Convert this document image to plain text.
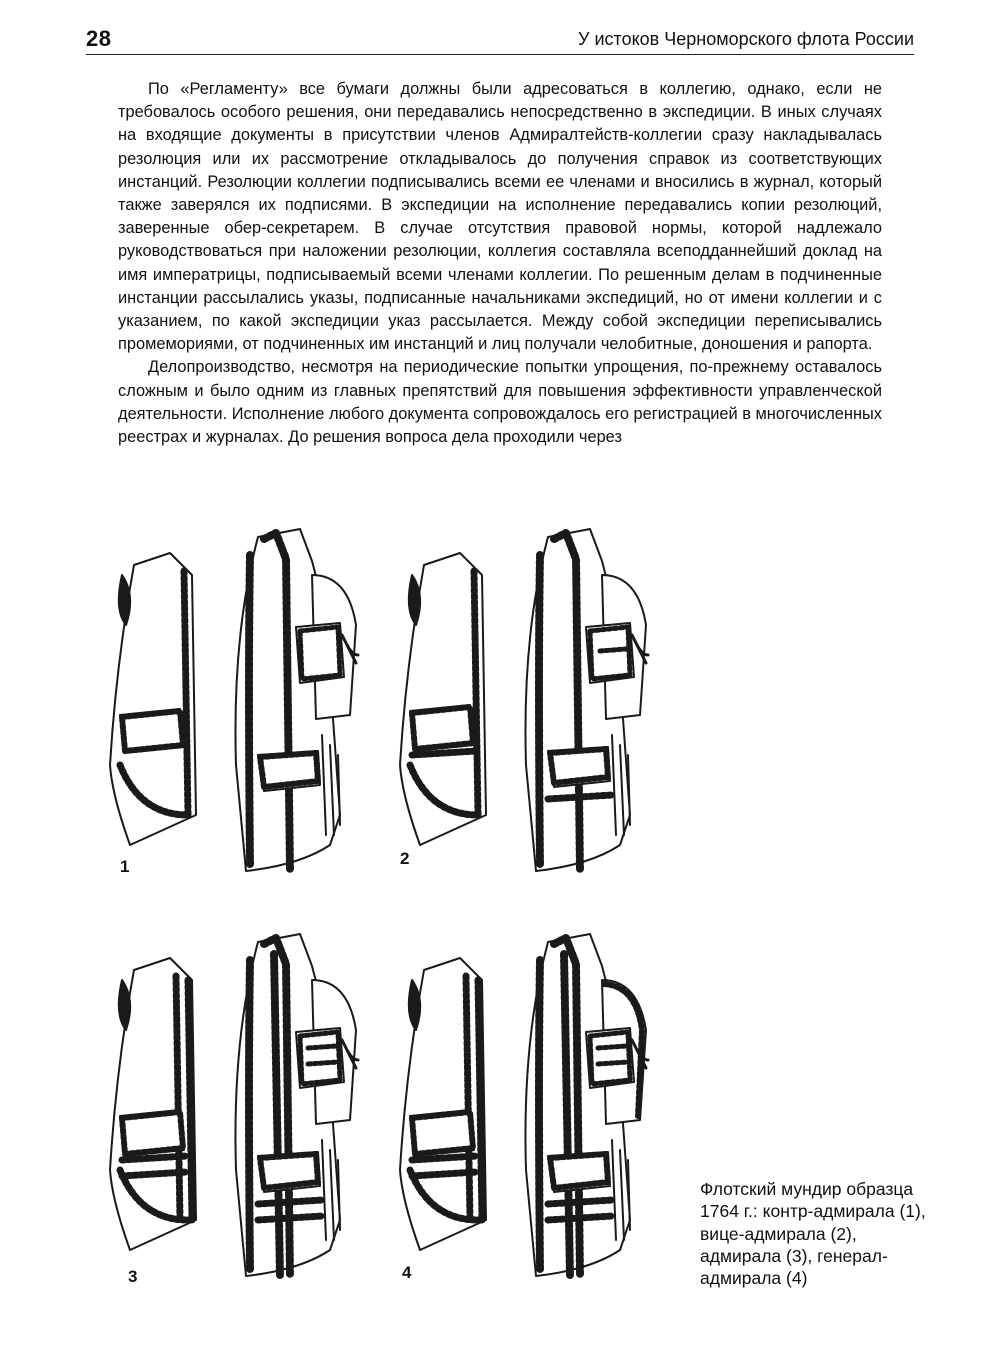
28	У истоков Черноморского флота России

По «Регламенту» все бумаги должны были адресоваться в коллегию, однако, если не требовалось особого решения, они передавались непосредственно в экспедиции. В иных случаях на входящие документы в присутствии членов Адмиралтейств-коллегии сразу накладывалась резолюция или их рассмотрение откладывалось до получения справок из соответствующих инстанций. Резолюции коллегии подписывались всеми ее членами и вносились в журнал, который также заверялся их подписями. В экспедиции на исполнение передавались копии резолюций, заверенные обер-секретарем. В случае отсутствия правовой нормы, которой надлежало руководствоваться при наложении резолюции, коллегия составляла всеподданнейший доклад на имя императрицы, подписываемый всеми членами коллегии. По решенным делам в подчиненные инстанции рассылались указы, подписанные начальниками экспедиций, но от имени коллегии и с указанием, по какой экспедиции указ рассылается. Между собой экспедиции переписывались промемориями, от подчиненных им инстанций и лиц получали челобитные, доношения и рапорта.

Делопроизводство, несмотря на периодические попытки упрощения, по-прежнему оставалось сложным и было одним из главных препятствий для повышения эффективности управленческой деятельности. Исполнение любого документа сопровождалось его регистрацией в многочисленных реестрах и журналах. До решения вопроса дела проходили через

1	2
3	4
Флотский мундир образца 1764 г.: контр-адмирала (1), вице-адмирала (2), адмирала (3), генерал-адмирала (4)
